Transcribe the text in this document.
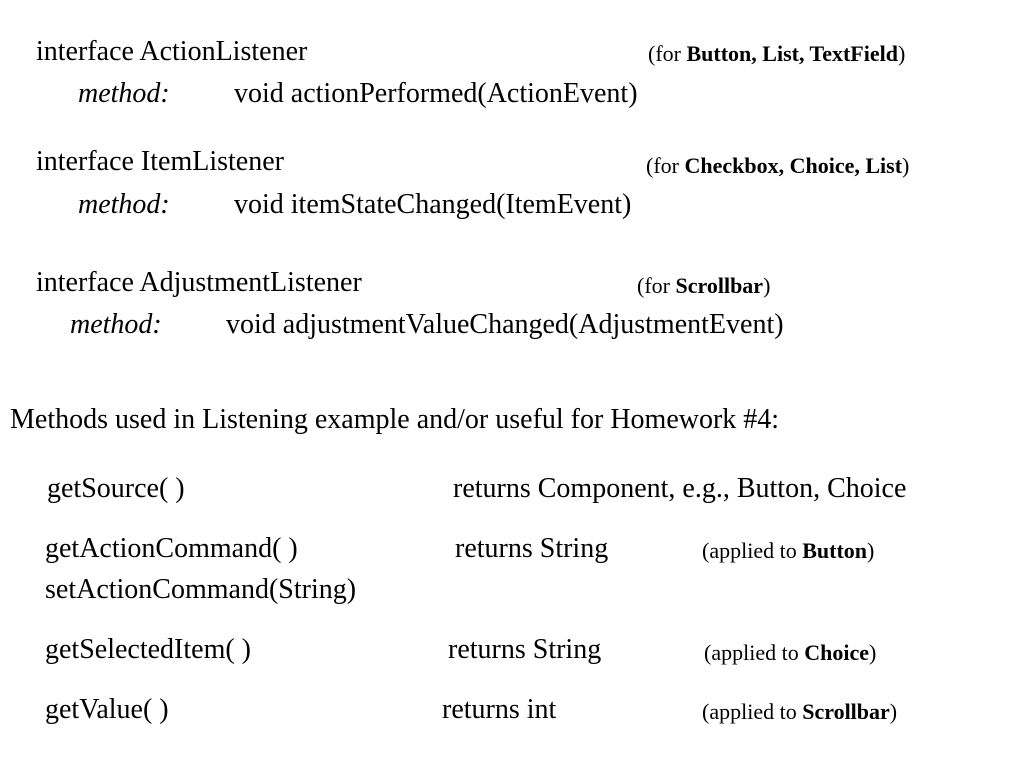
interface ActionListener	(for Button, List, TextField)
method: void actionPerformed(ActionEvent)
interface ItemListener	(for Checkbox, Choice, List)
method: void itemStateChanged(ItemEvent)
interface AdjustmentListener	(for Scrollbar)
method: void adjustmentValueChanged(AdjustmentEvent)
Methods used in Listening example and/or useful for Homework #4:
getSource( )	returns Component, e.g., Button, Choice
getActionCommand( )	returns String	(applied to Button)
setActionCommand(String)
getSelectedItem( )	returns String	(applied to Choice)
getValue( )	returns int	(applied to Scrollbar)
